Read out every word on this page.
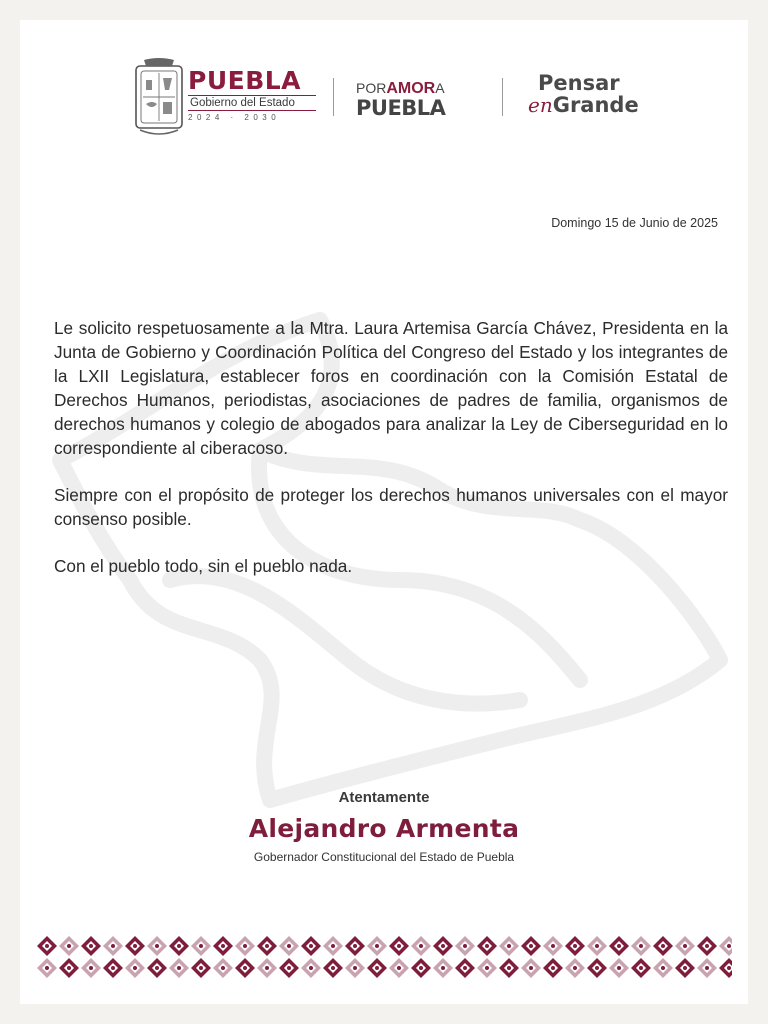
PUEBLA
Gobierno del Estado
2024 · 2030
PORAMORA
PUEBLA
Pensar
enGrande
Domingo 15 de Junio de 2025

Le solicito respetuosamente a la Mtra. Laura Artemisa García Chávez, Presidenta en la Junta de Gobierno y Coordinación Política del Congreso del Estado y los integrantes de la LXII Legislatura, establecer foros en coordinación con la Comisión Estatal de Derechos Humanos, periodistas, asociaciones de padres de familia, organismos de derechos humanos y colegio de abogados para analizar la Ley de Ciberseguridad en lo correspondiente al ciberacoso.

Siempre con el propósito de proteger los derechos humanos universales con el mayor consenso posible.

Con el pueblo todo, sin el pueblo nada.

Atentamente
Alejandro Armenta
Gobernador Constitucional del Estado de Puebla
